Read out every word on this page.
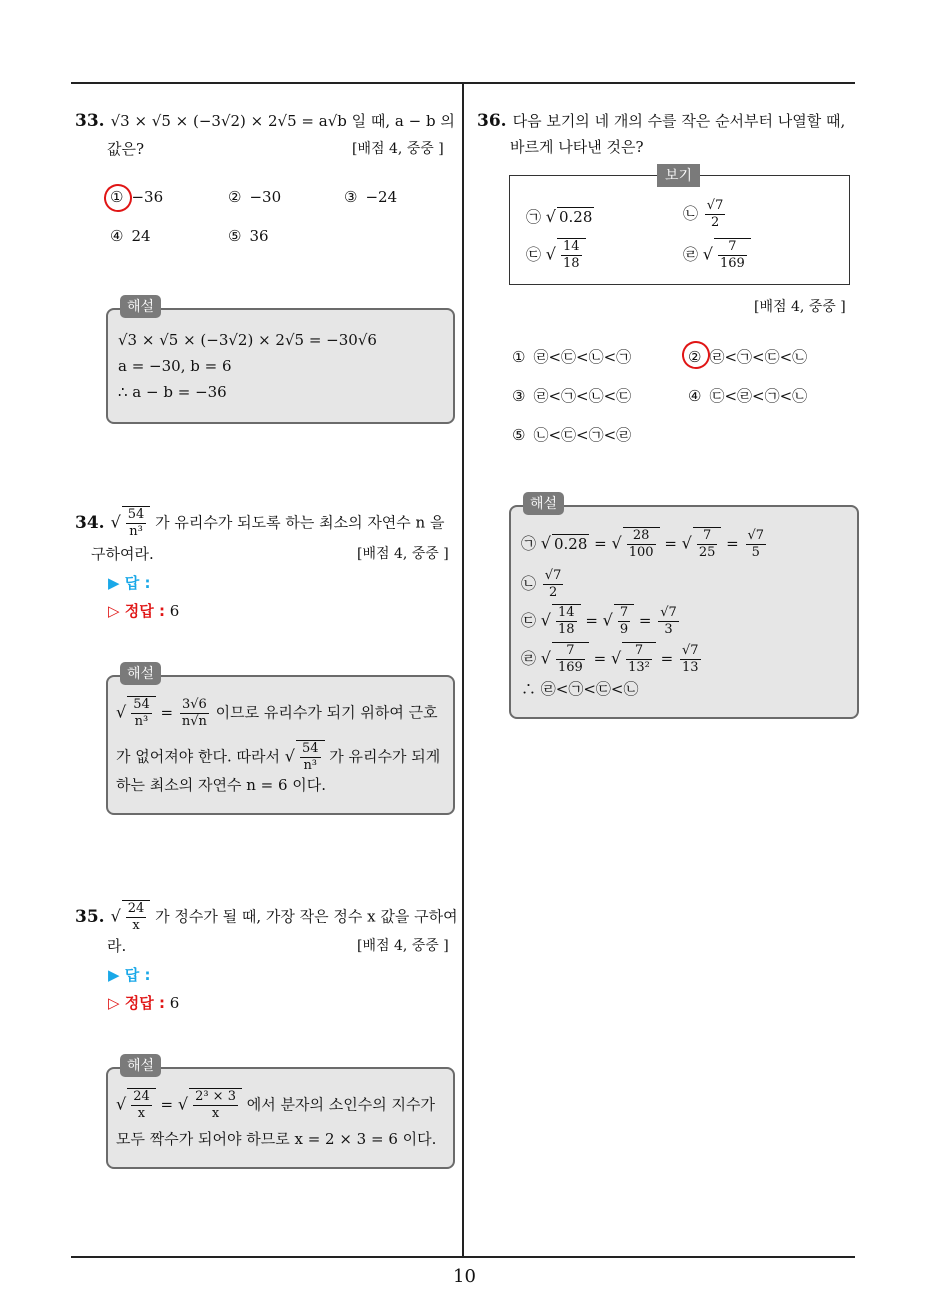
10
33. √3 × √5 × (−3√2) × 2√5 = a√b 일 때, a − b 의
값은?	[배점 4, 중중 ]
① −36	② −30	③ −24
④ 24	⑤ 36
해설
√3 × √5 × (−3√2) × 2√5 = −30√6
a = −30, b = 6
∴ a − b = −36
34. √ $\frac{54}{\text{n³}}$ 가 유리수가 되도록 하는 최소의 자연수 n 을
구하여라.	[배점 4, 중중 ]
▶ 답 :
▷ 정답 : 6
해설
√ $\frac{54}{\text{n³}} = \frac{3√6}{n√n}$ 이므로 유리수가 되기 위하여 근호
가 없어져야 한다. 따라서 √ $\frac{54}{\text{n³}}$ 가 유리수가 되게
하는 최소의 자연수 n = 6 이다.
35. √ $\frac{24}{x}$ 가 정수가 될 때, 가장 작은 정수 x 값을 구하여
라.	[배점 4, 중중 ]
▶ 답 :
▷ 정답 : 6
해설
√ $\frac{24}{x}$ = √ $\frac{\text{2³ × 3}}{x}$ 에서 분자의 소인수의 지수가
모두 짝수가 되어야 하므로 x = 2 × 3 = 6 이다.
36. 다음 보기의 네 개의 수를 작은 순서부터 나열할 때,
바르게 나타낸 것은?
보기
㉠ √ 0.28	㉡ $\frac{√7}{2}$
㉢ √ $\frac{14}{18}$	㉣ √ $\frac{7}{169}$
[배점 4, 중중 ]
① ㉣<㉢<㉡<㉠	② ㉣<㉠<㉢<㉡
③ ㉣<㉠<㉡<㉢	④ ㉢<㉣<㉠<㉡
⑤ ㉡<㉢<㉠<㉣
해설
㉠ √ 0.28 = √ $\frac{28}{100}$ = √ $\frac{7}{25} = \frac{√7}{5}$
㉡ $\frac{√7}{2}$
㉢ √ $\frac{14}{18}$ = √ $\frac{7}{9} = \frac{√7}{3}$
㉣ √ $\frac{7}{169}$ = √ $\frac{7}{\text{13²}} = \frac{√7}{13}$
∴ ㉣<㉠<㉢<㉡
